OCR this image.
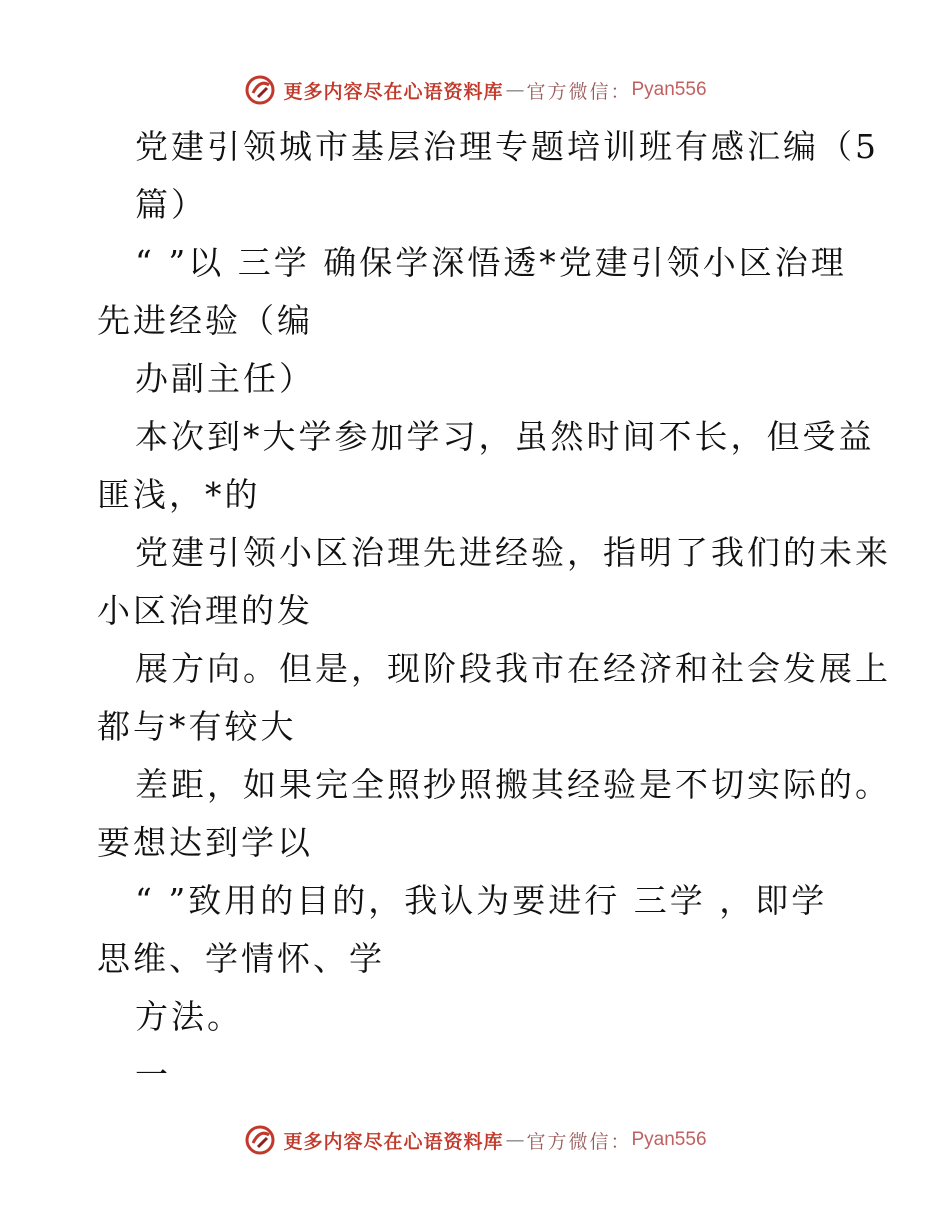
更多内容尽在心语资料库 — 官方微信： Pyan556
党建引领城市基层治理专题培训班有感汇编（5
篇）
“ ”以 三学 确保学深悟透*党建引领小区治理
先进经验（编
办副主任）
本次到*大学参加学习，虽然时间不长，但受益
匪浅，*的
党建引领小区治理先进经验，指明了我们的未来
小区治理的发
展方向。但是，现阶段我市在经济和社会发展上
都与*有较大
差距，如果完全照抄照搬其经验是不切实际的。
要想达到学以
“ ”致用的目的，我认为要进行 三学 ，即学
思维、学情怀、学
方法。
一
更多内容尽在心语资料库 — 官方微信： Pyan556
